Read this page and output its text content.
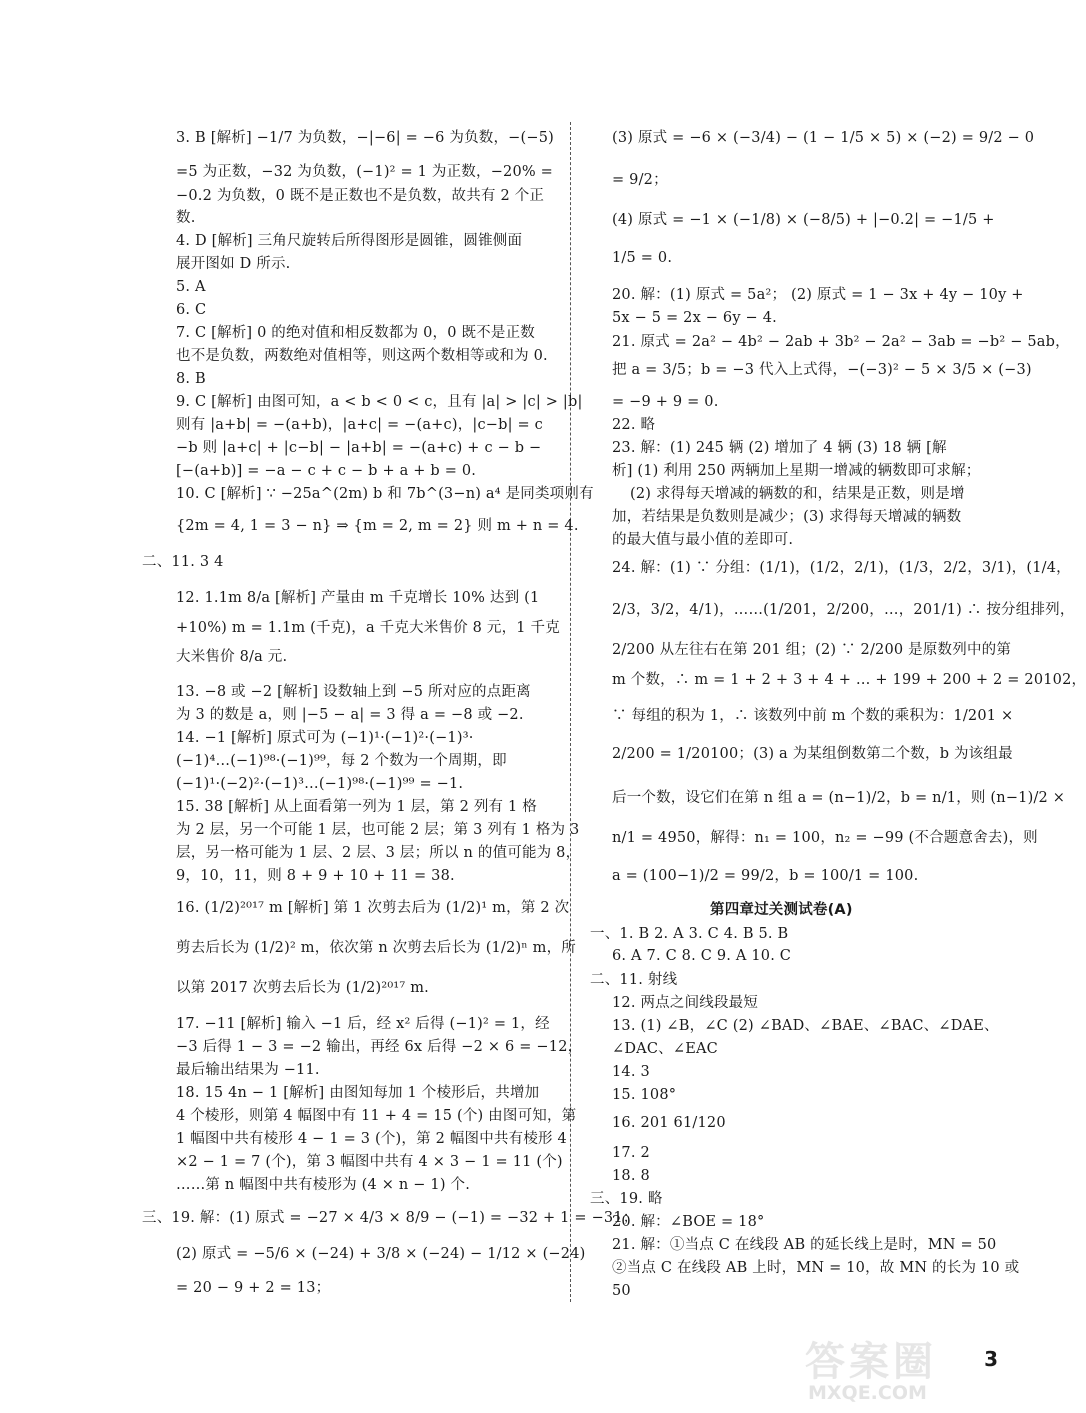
3. B [解析] −1/7 为负数，−|−6| = −6 为负数，−(−5)
=5 为正数，−32 为负数，(−1)² = 1 为正数，−20% =
−0.2 为负数，0 既不是正数也不是负数，故共有 2 个正
数.
4. D [解析] 三角尺旋转后所得图形是圆锥，圆锥侧面
展开图如 D 所示.
5. A
6. C
7. C [解析] 0 的绝对值和相反数都为 0，0 既不是正数
也不是负数，两数绝对值相等，则这两个数相等或和为 0.
8. B
9. C [解析] 由图可知，a < b < 0 < c，且有 |a| > |c| > |b|
则有 |a+b| = −(a+b)，|a+c| = −(a+c)，|c−b| = c
−b 则 |a+c| + |c−b| − |a+b| = −(a+c) + c − b −
[−(a+b)] = −a − c + c − b + a + b = 0.
10. C [解析] ∵ −25a^(2m) b 和 7b^(3−n) a⁴ 是同类项则有
{2m = 4, 1 = 3 − n} ⇒ {m = 2, m = 2} 则 m + n = 4.
二、11. 3 4
12. 1.1m 8/a [解析] 产量由 m 千克增长 10% 达到 (1
+10%) m = 1.1m (千克)，a 千克大米售价 8 元，1 千克
大米售价 8/a 元.
13. −8 或 −2 [解析] 设数轴上到 −5 所对应的点距离
为 3 的数是 a，则 |−5 − a| = 3 得 a = −8 或 −2.
14. −1 [解析] 原式可为 (−1)¹·(−1)²·(−1)³·
(−1)⁴…(−1)⁹⁸·(−1)⁹⁹，每 2 个数为一个周期，即
(−1)¹·(−2)²·(−1)³…(−1)⁹⁸·(−1)⁹⁹ = −1.
15. 38 [解析] 从上面看第一列为 1 层，第 2 列有 1 格
为 2 层，另一个可能 1 层，也可能 2 层；第 3 列有 1 格为 3
层，另一格可能为 1 层、2 层、3 层；所以 n 的值可能为 8，
9，10，11，则 8 + 9 + 10 + 11 = 38.
16. (1/2)²⁰¹⁷ m [解析] 第 1 次剪去后为 (1/2)¹ m，第 2 次
剪去后长为 (1/2)² m，依次第 n 次剪去后长为 (1/2)ⁿ m，所
以第 2017 次剪去后长为 (1/2)²⁰¹⁷ m.
17. −11 [解析] 输入 −1 后，经 x² 后得 (−1)² = 1，经
−3 后得 1 − 3 = −2 输出，再经 6x 后得 −2 × 6 = −12，
最后输出结果为 −11.
18. 15 4n − 1 [解析] 由图知每加 1 个棱形后，共增加
4 个棱形，则第 4 幅图中有 11 + 4 = 15 (个) 由图可知，第
1 幅图中共有棱形 4 − 1 = 3 (个)，第 2 幅图中共有棱形 4
×2 − 1 = 7 (个)，第 3 幅图中共有 4 × 3 − 1 = 11 (个)
……第 n 幅图中共有棱形为 (4 × n − 1) 个.
三、19. 解：(1) 原式 = −27 × 4/3 × 8/9 − (−1) = −32 + 1 = −31；
(2) 原式 = −5/6 × (−24) + 3/8 × (−24) − 1/12 × (−24)
= 20 − 9 + 2 = 13；
(3) 原式 = −6 × (−3/4) − (1 − 1/5 × 5) × (−2) = 9/2 − 0
= 9/2；
(4) 原式 = −1 × (−1/8) × (−8/5) + |−0.2| = −1/5 +
1/5 = 0.
20. 解：(1) 原式 = 5a²； (2) 原式 = 1 − 3x + 4y − 10y +
5x − 5 = 2x − 6y − 4.
21. 原式 = 2a² − 4b² − 2ab + 3b² − 2a² − 3ab = −b² − 5ab，
把 a = 3/5；b = −3 代入上式得，−(−3)² − 5 × 3/5 × (−3)
= −9 + 9 = 0.
22. 略
23. 解：(1) 245 辆 (2) 增加了 4 辆 (3) 18 辆 [解
析] (1) 利用 250 两辆加上星期一增减的辆数即可求解；
(2) 求得每天增减的辆数的和，结果是正数，则是增
加，若结果是负数则是减少；(3) 求得每天增减的辆数
的最大值与最小值的差即可.
24. 解：(1) ∵ 分组：(1/1)，(1/2，2/1)，(1/3，2/2，3/1)，(1/4，
2/3，3/2，4/1)，……(1/201，2/200，…，201/1) ∴ 按分组排列，
2/200 从左往右在第 201 组；(2) ∵ 2/200 是原数列中的第
m 个数，∴ m = 1 + 2 + 3 + 4 + … + 199 + 200 + 2 = 20102，
∵ 每组的积为 1，∴ 该数列中前 m 个数的乘积为：1/201 ×
2/200 = 1/20100；(3) a 为某组倒数第二个数，b 为该组最
后一个数，设它们在第 n 组 a = (n−1)/2，b = n/1，则 (n−1)/2 ×
n/1 = 4950，解得：n₁ = 100，n₂ = −99 (不合题意舍去)，则
a = (100−1)/2 = 99/2，b = 100/1 = 100.
第四章过关测试卷(A)
一、1. B 2. A 3. C 4. B 5. B
6. A 7. C 8. C 9. A 10. C
二、11. 射线
12. 两点之间线段最短
13. (1) ∠B，∠C (2) ∠BAD、∠BAE、∠BAC、∠DAE、
∠DAC、∠EAC
14. 3
15. 108°
16. 201 61/120
17. 2
18. 8
三、19. 略
20. 解：∠BOE = 18°
21. 解：①当点 C 在线段 AB 的延长线上是时，MN = 50
②当点 C 在线段 AB 上时，MN = 10，故 MN 的长为 10 或
50
3
答案圈
MXQE.COM
